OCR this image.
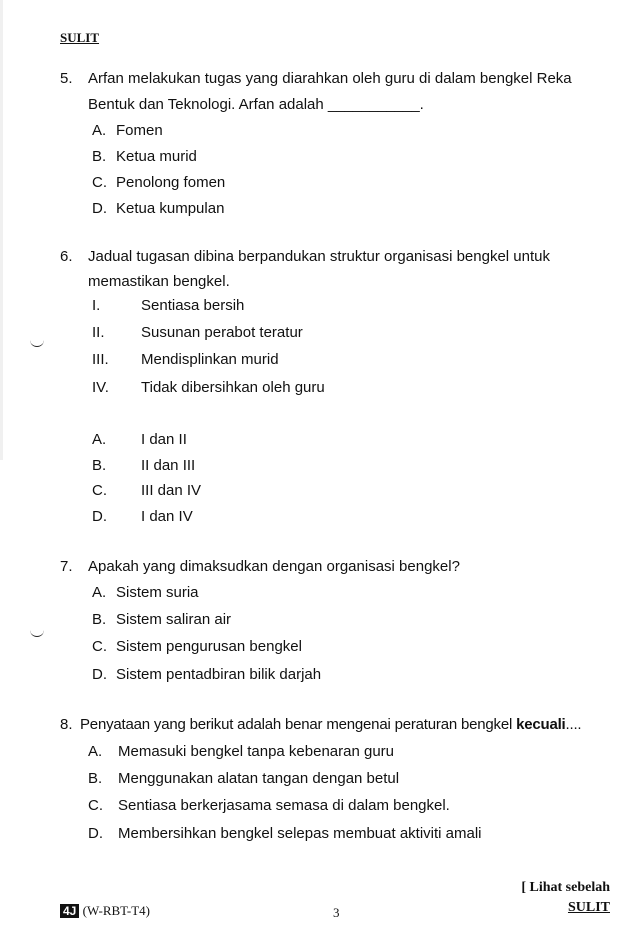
SULIT
5. Arfan melakukan tugas yang diarahkan oleh guru di dalam bengkel Reka
Bentuk dan Teknologi. Arfan adalah ___________.
A. Fomen
B. Ketua murid
C. Penolong fomen
D. Ketua kumpulan
6. Jadual tugasan dibina berpandukan struktur organisasi bengkel untuk
memastikan bengkel.
I.	Sentiasa bersih
II. Susunan perabot teratur
III. Mendisplinkan murid
IV. Tidak dibersihkan oleh guru
A. I dan II
B. II dan III
C. III dan IV
D. I dan IV
7. Apakah yang dimaksudkan dengan organisasi bengkel?
A. Sistem suria
B. Sistem saliran air
C. Sistem pengurusan bengkel
D. Sistem pentadbiran bilik darjah
8. Penyataan yang berikut adalah benar mengenai peraturan bengkel kecuali....
A. Memasuki bengkel tanpa kebenaran guru
B. Menggunakan alatan tangan dengan betul
C. Sentiasa berkerjasama semasa di dalam bengkel.
D. Membersihkan bengkel selepas membuat aktiviti amali
[ Lihat sebelah
4J (W-RBT-T4)	3	SULIT
